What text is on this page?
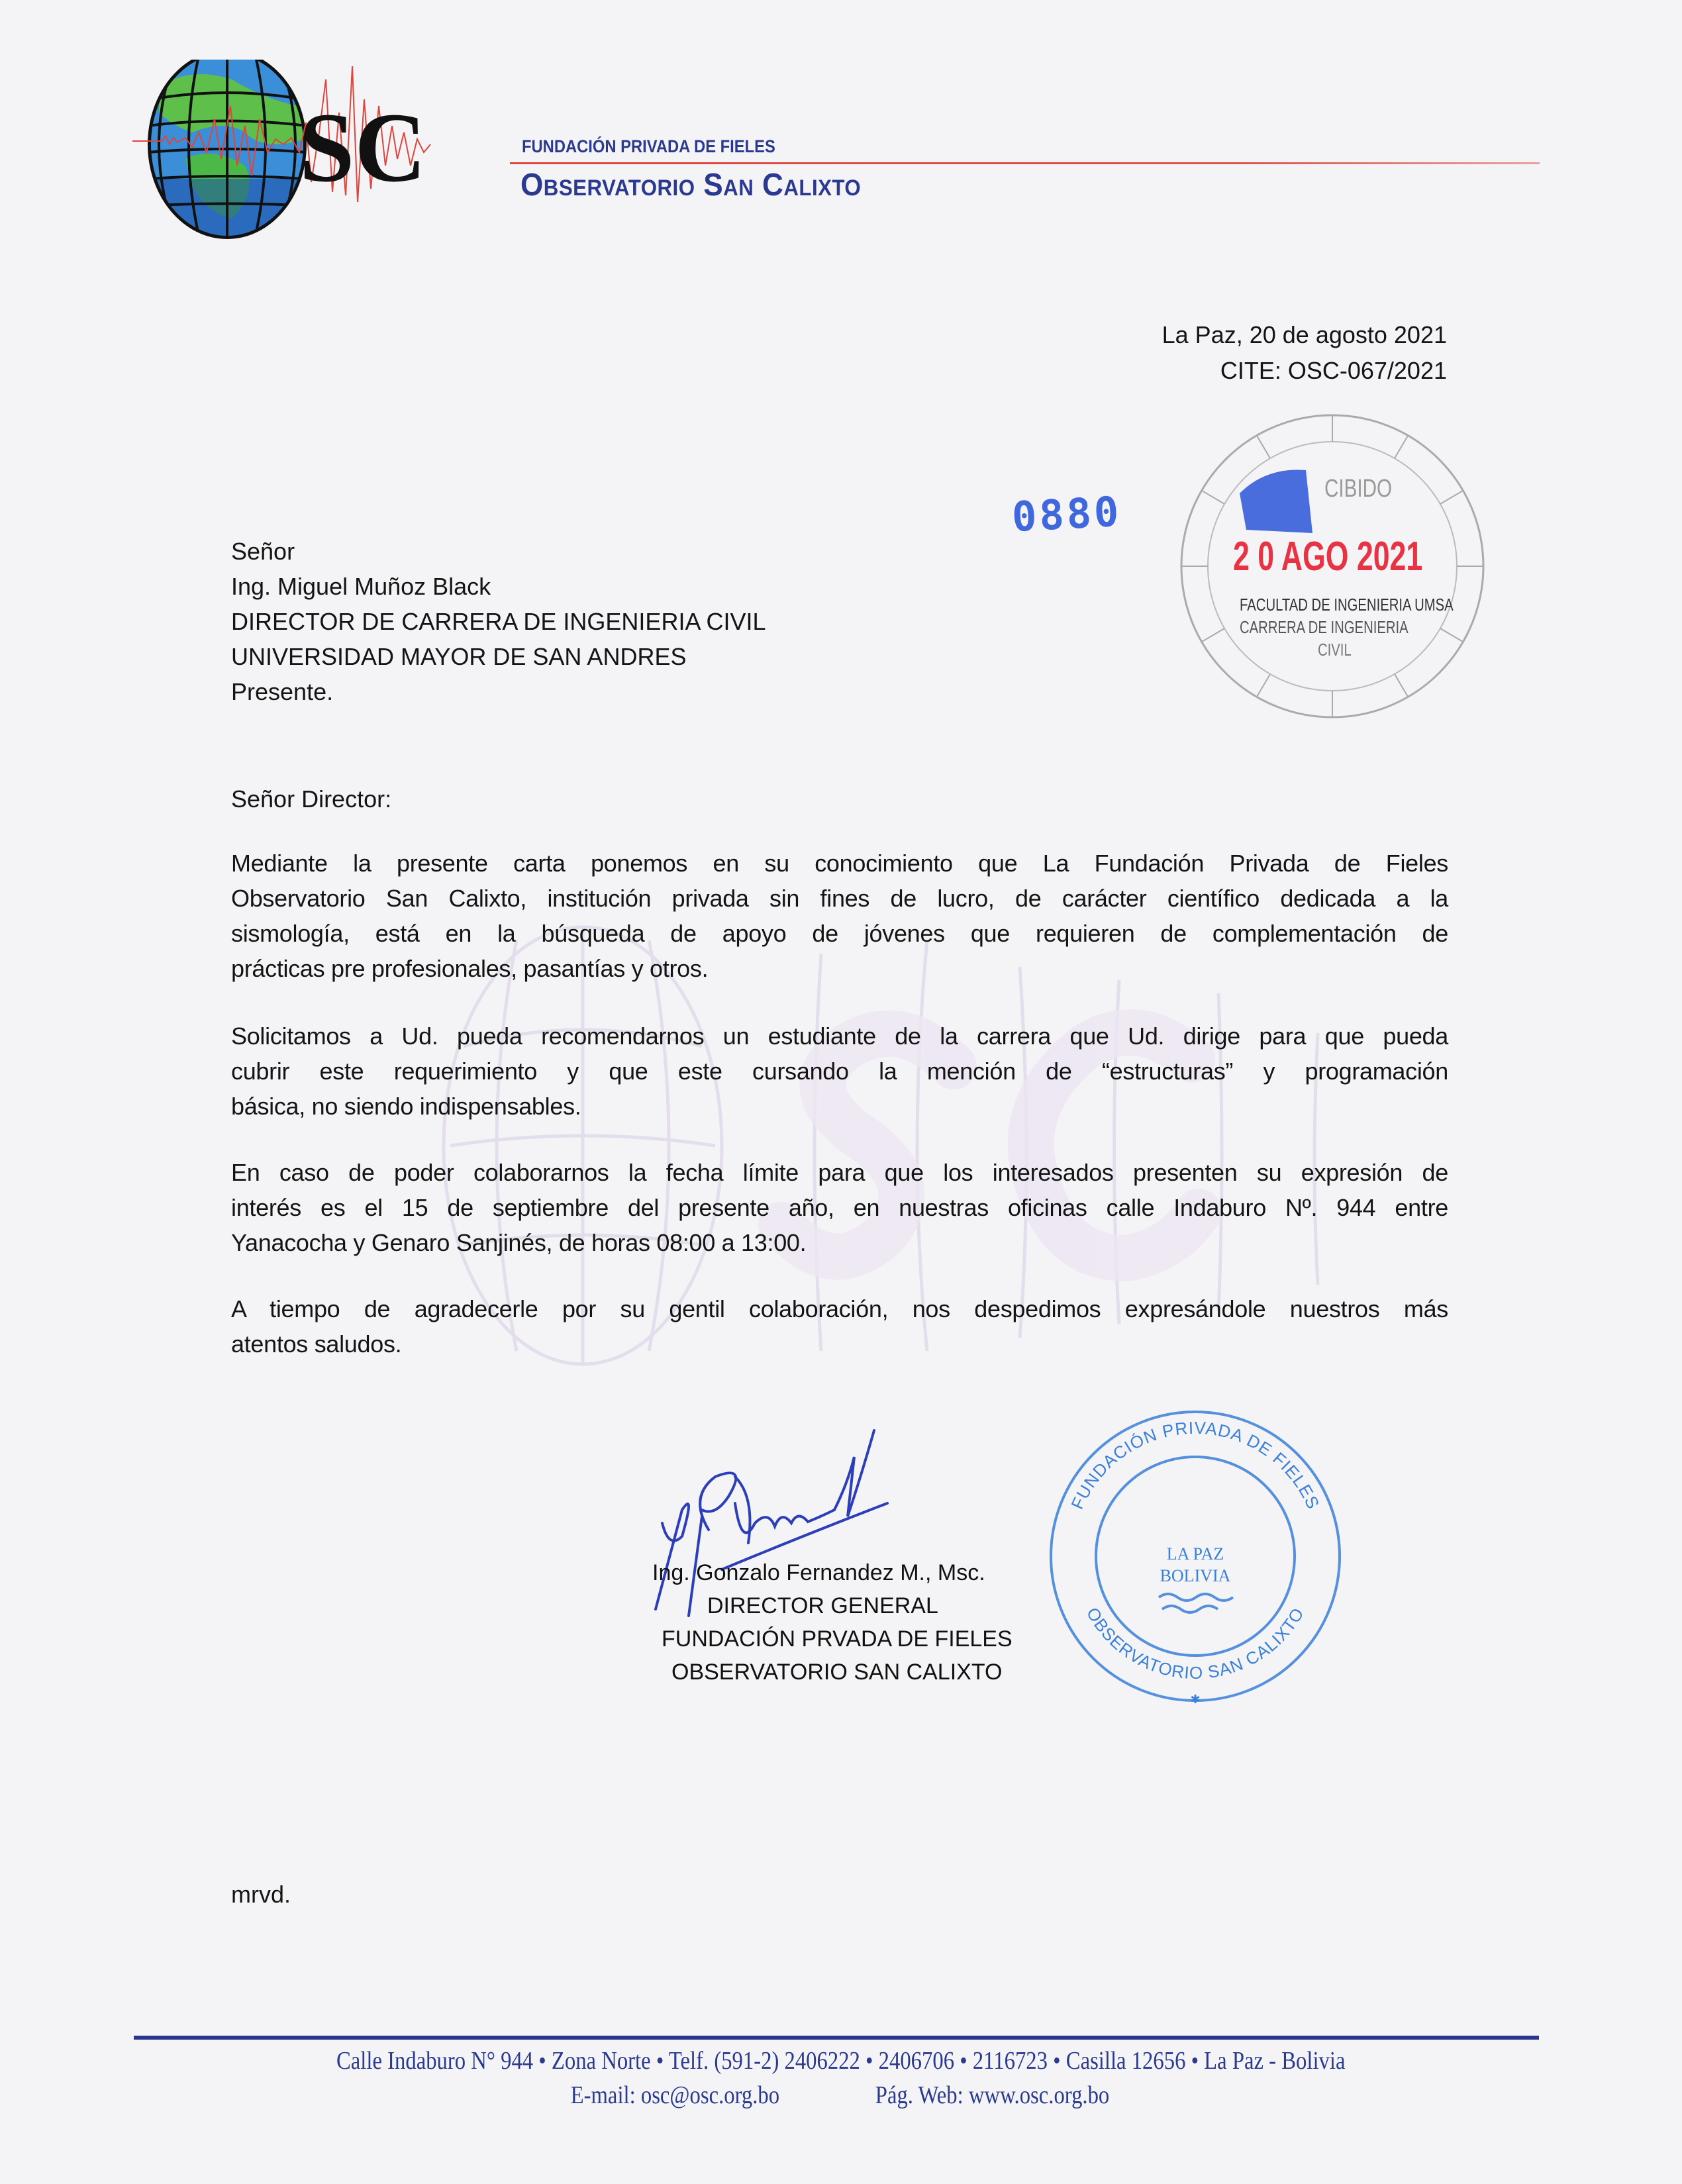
SC	FUNDACIÓN PRIVADA DE FIELES
Observatorio San Calixto
La Paz, 20 de agosto 2021
CITE: OSC-067/2021
0880	CIBIDO
2 0 AGO 2021
FACULTAD DE INGENIERIA UMSA
CARRERA DE INGENIERIA
CIVIL
Señor
Ing. Miguel Muñoz Black
DIRECTOR DE CARRERA DE INGENIERIA CIVIL
UNIVERSIDAD MAYOR DE SAN ANDRES
Presente.
Señor Director:
Mediante la presente carta ponemos en su conocimiento que La Fundación Privada de Fieles
Observatorio San Calixto, institución privada sin fines de lucro, de carácter científico dedicada a la
sismología, está en la búsqueda de apoyo de jóvenes que requieren de complementación de
prácticas pre profesionales, pasantías y otros.
Solicitamos a Ud. pueda recomendarnos un estudiante de la carrera que Ud. dirige para que pueda
cubrir este requerimiento y que este cursando la mención de “estructuras” y programación
básica, no siendo indispensables.
En caso de poder colaborarnos la fecha límite para que los interesados presenten su expresión de
interés es el 15 de septiembre del presente año, en nuestras oficinas calle Indaburo Nº. 944 entre
Yanacocha y Genaro Sanjinés, de horas 08:00 a 13:00.
A tiempo de agradecerle por su gentil colaboración, nos despedimos expresándole nuestros más
atentos saludos.
FUNDACIÓN PRIVADA DE FIELES
OBSERVATORIO SAN CALIXTO
LA PAZ
BOLIVIA
✱
Ing. Gonzalo Fernandez M., Msc.
DIRECTOR GENERAL
FUNDACIÓN PRVADA DE FIELES
OBSERVATORIO SAN CALIXTO
mrvd.
Calle Indaburo N° 944 • Zona Norte • Telf. (591-2) 2406222 • 2406706 • 2116723 • Casilla 12656 • La Paz - Bolivia
E-mail: osc@osc.org.bo	Pág. Web: www.osc.org.bo
